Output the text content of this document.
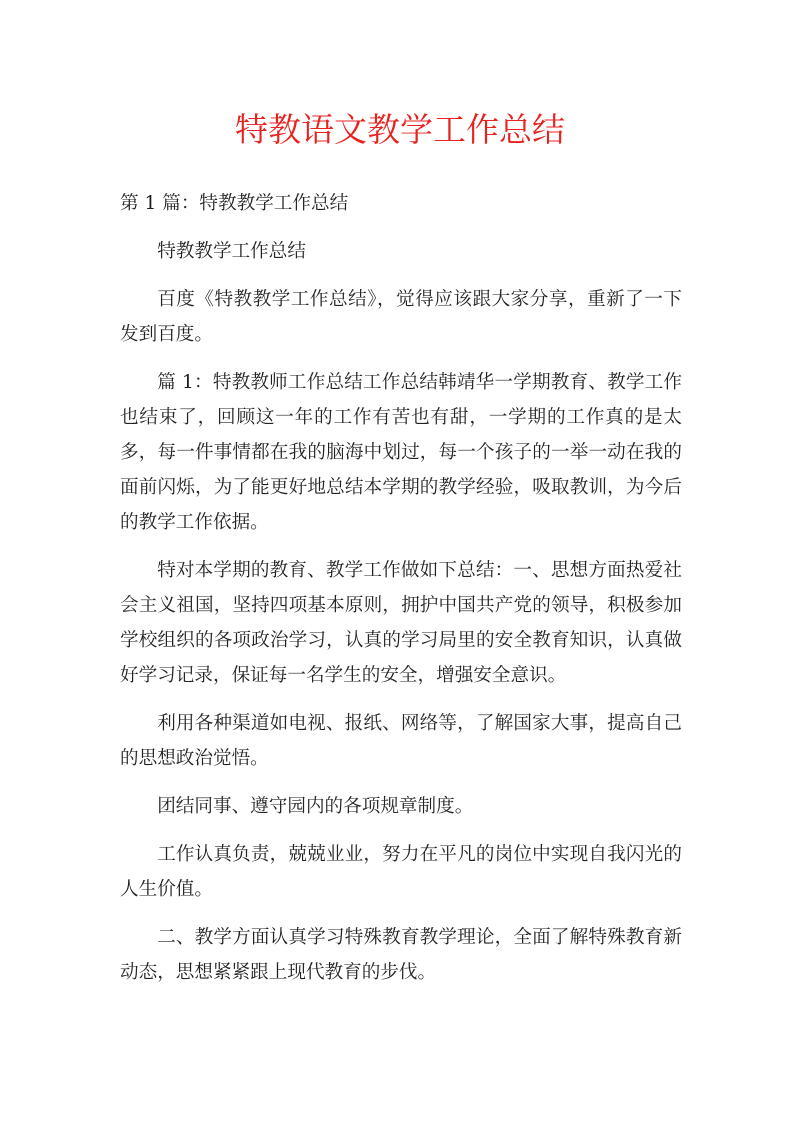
特教语文教学工作总结

第 1 篇：特教教学工作总结

特教教学工作总结

百度《特教教学工作总结》，觉得应该跟大家分享，重新了一下发到百度。

篇 1：特教教师工作总结工作总结韩靖华一学期教育、教学工作也结束了，回顾这一年的工作有苦也有甜，一学期的工作真的是太多，每一件事情都在我的脑海中划过，每一个孩子的一举一动在我的面前闪烁，为了能更好地总结本学期的教学经验，吸取教训，为今后的教学工作依据。

特对本学期的教育、教学工作做如下总结：一、思想方面热爱社会主义祖国，坚持四项基本原则，拥护中国共产党的领导，积极参加学校组织的各项政治学习，认真的学习局里的安全教育知识，认真做好学习记录，保证每一名学生的安全，增强安全意识。

利用各种渠道如电视、报纸、网络等，了解国家大事，提高自己的思想政治觉悟。

团结同事、遵守园内的各项规章制度。

工作认真负责，兢兢业业，努力在平凡的岗位中实现自我闪光的人生价值。

二、教学方面认真学习特殊教育教学理论，全面了解特殊教育新动态，思想紧紧跟上现代教育的步伐。
